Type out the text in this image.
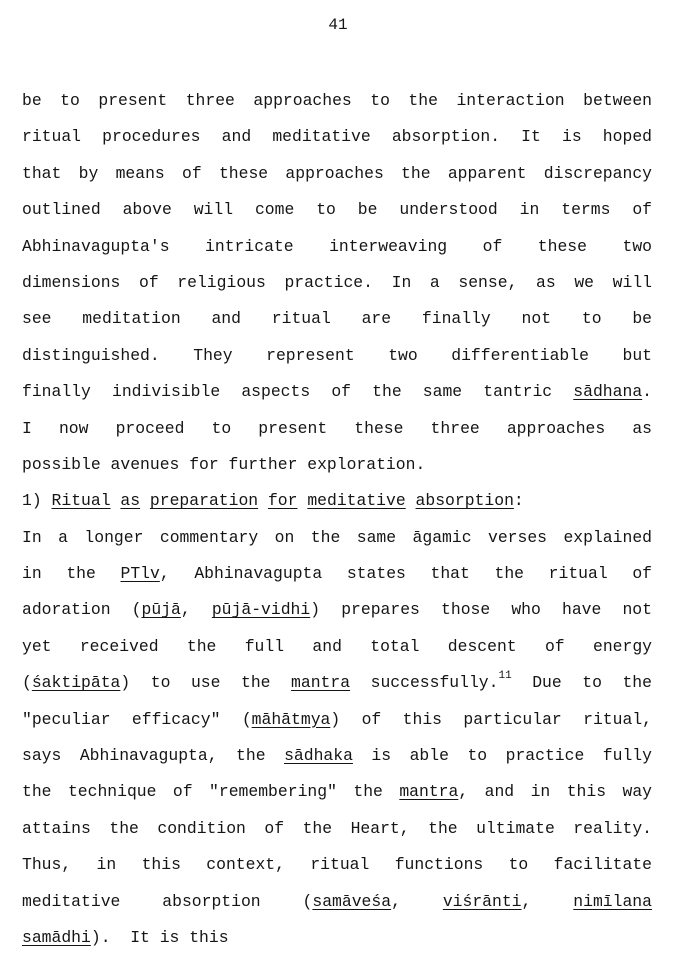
41
be to present three approaches to the interaction between
ritual procedures and meditative absorption. It is hoped
that by means of these approaches the apparent discrepancy
outlined above will come to be understood in terms of
Abhinavagupta's intricate interweaving of these two
dimensions of religious practice. In a sense, as we will
see meditation and ritual are finally not to be
distinguished. They represent two differentiable but
finally indivisible aspects of the same tantric sādhana.
I now proceed to present these three approaches as
possible avenues for further exploration.
1) Ritual as preparation for meditative absorption:
In a longer commentary on the same āgamic verses explained
in the PTlv, Abhinavagupta states that the ritual of
adoration (pūjā, pūjā-vidhi) prepares those who have not
yet received the full and total descent of energy
(śaktipāta) to use the mantra successfully.$^{11}$ Due to the
"peculiar efficacy" (māhātmya) of this particular ritual,
says Abhinavagupta, the sādhaka is able to practice fully
the technique of "remembering" the mantra, and in this way
attains the condition of the Heart, the ultimate reality.
Thus, in this context, ritual functions to facilitate
meditative absorption (samāveśa, viśrānti, nimīlana
samādhi).  It is this
